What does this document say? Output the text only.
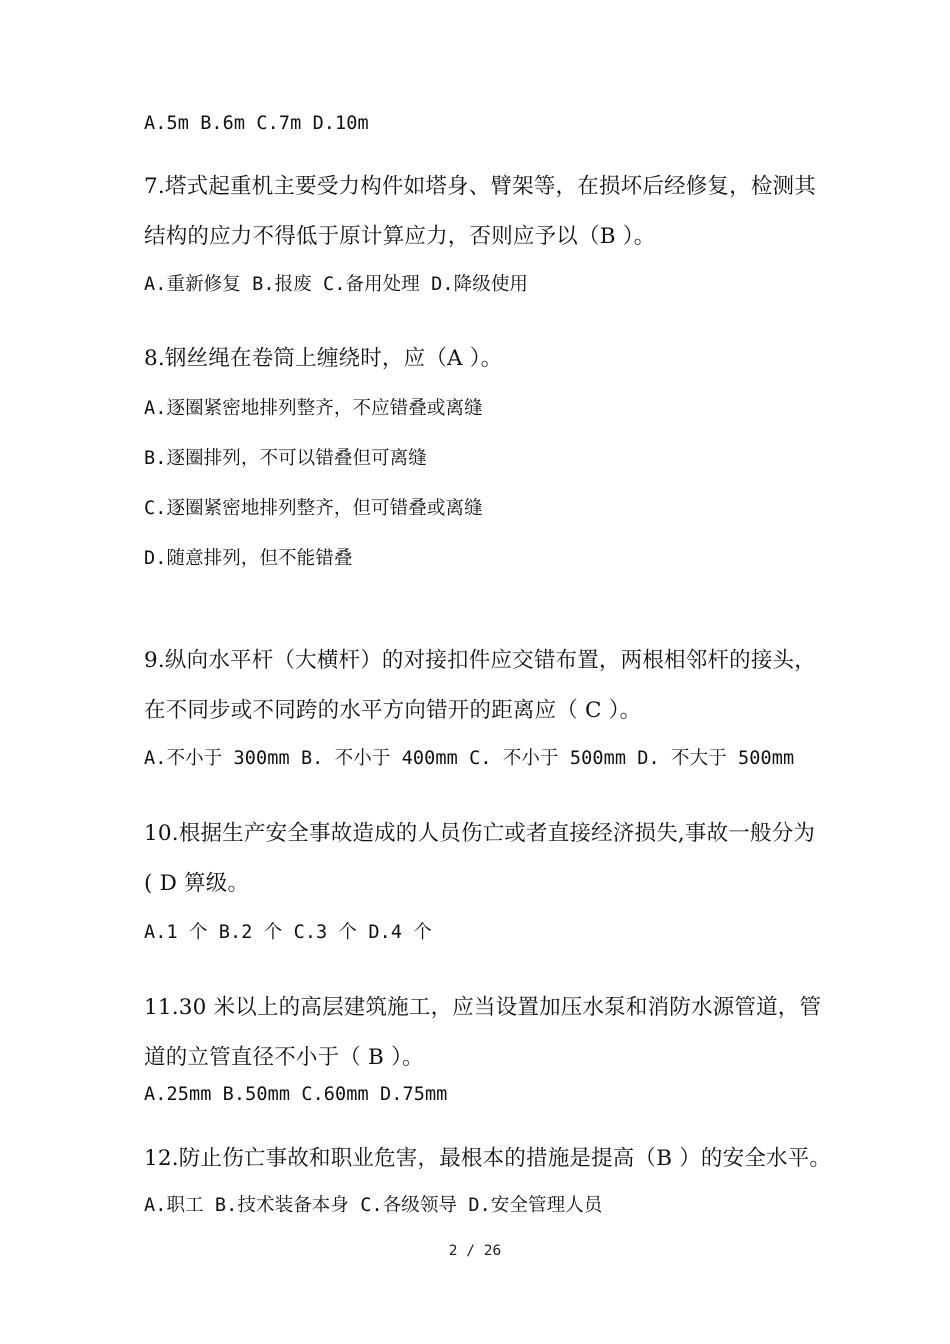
A.5m B.6m C.7m D.10m
7.塔式起重机主要受力构件如塔身、臂架等，在损坏后经修复，检测其
结构的应力不得低于原计算应力，否则应予以（B ）。
A.重新修复 B.报废 C.备用处理 D.降级使用
8.钢丝绳在卷筒上缠绕时，应（A ）。
A.逐圈紧密地排列整齐，不应错叠或离缝
B.逐圈排列，不可以错叠但可离缝
C.逐圈紧密地排列整齐，但可错叠或离缝
D.随意排列，但不能错叠
9.纵向水平杆（大横杆）的对接扣件应交错布置，两根相邻杆的接头，
在不同步或不同跨的水平方向错开的距离应（ C ）。
A.不小于 300mm B. 不小于 400mm C. 不小于 500mm D. 不大于 500mm
10.根据生产安全事故造成的人员伤亡或者直接经济损失,事故一般分为
( D 箅级。
A.1 个 B.2 个 C.3 个 D.4 个
11.30 米以上的高层建筑施工，应当设置加压水泵和消防水源管道，管
道的立管直径不小于（ B ）。
A.25mm B.50mm C.60mm D.75mm
12.防止伤亡事故和职业危害，最根本的措施是提高（B ）的安全水平。
A.职工 B.技术装备本身 C.各级领导 D.安全管理人员
2 / 26
